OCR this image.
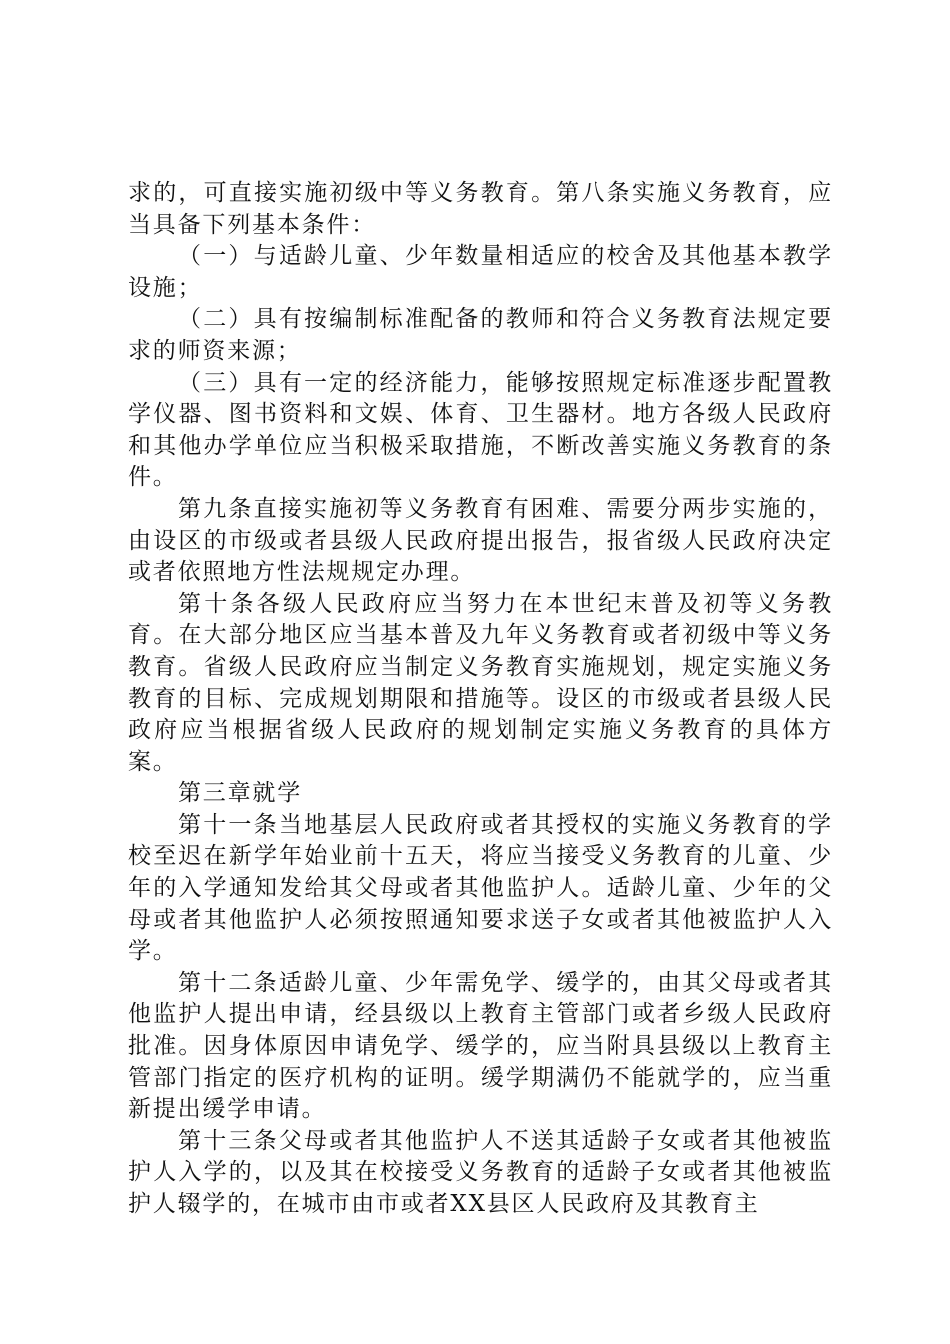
求的，可直接实施初级中等义务教育。第八条实施义务教育，应当具备下列基本条件：

（一）与适龄儿童、少年数量相适应的校舍及其他基本教学设施；

（二）具有按编制标准配备的教师和符合义务教育法规定要求的师资来源；

（三）具有一定的经济能力，能够按照规定标准逐步配置教学仪器、图书资料和文娱、体育、卫生器材。地方各级人民政府和其他办学单位应当积极采取措施，不断改善实施义务教育的条件。

第九条直接实施初等义务教育有困难、需要分两步实施的，由设区的市级或者县级人民政府提出报告，报省级人民政府决定或者依照地方性法规规定办理。

第十条各级人民政府应当努力在本世纪末普及初等义务教育。在大部分地区应当基本普及九年义务教育或者初级中等义务教育。省级人民政府应当制定义务教育实施规划，规定实施义务教育的目标、完成规划期限和措施等。设区的市级或者县级人民政府应当根据省级人民政府的规划制定实施义务教育的具体方案。

第三章就学

第十一条当地基层人民政府或者其授权的实施义务教育的学校至迟在新学年始业前十五天，将应当接受义务教育的儿童、少年的入学通知发给其父母或者其他监护人。适龄儿童、少年的父母或者其他监护人必须按照通知要求送子女或者其他被监护人入学。

第十二条适龄儿童、少年需免学、缓学的，由其父母或者其他监护人提出申请，经县级以上教育主管部门或者乡级人民政府批准。因身体原因申请免学、缓学的，应当附具县级以上教育主管部门指定的医疗机构的证明。缓学期满仍不能就学的，应当重新提出缓学申请。

第十三条父母或者其他监护人不送其适龄子女或者其他被监护人入学的，以及其在校接受义务教育的适龄子女或者其他被监护人辍学的，在城市由市或者XX县区人民政府及其教育主
